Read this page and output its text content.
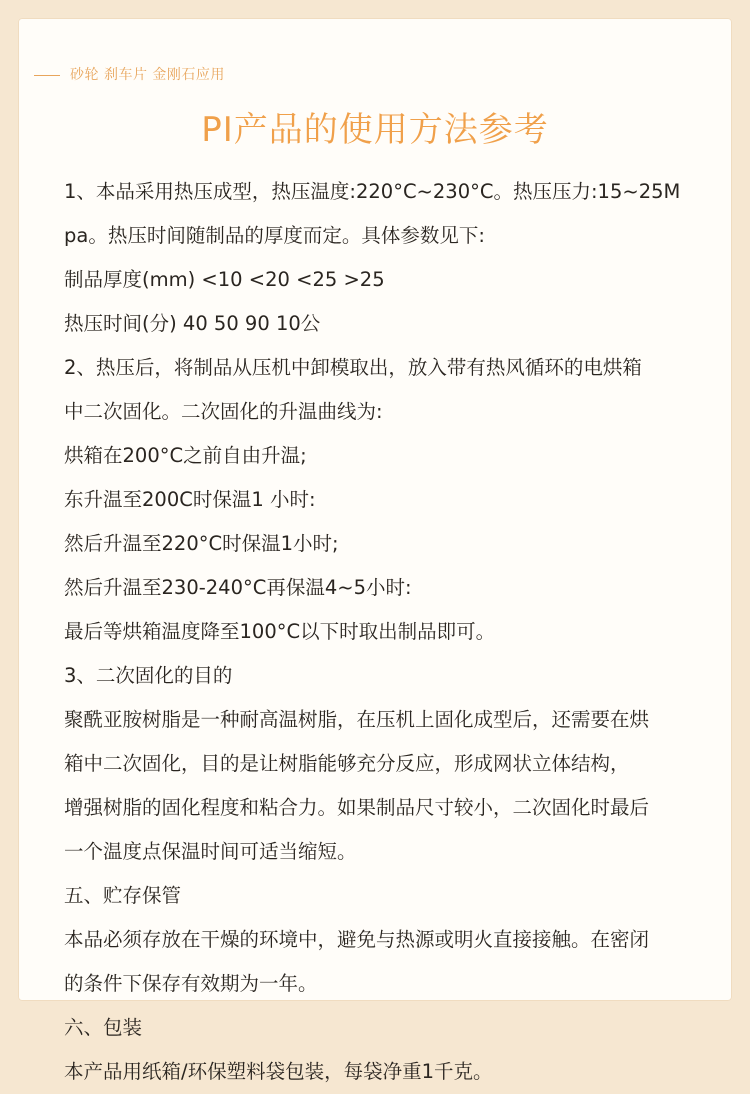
砂轮 刹车片 金刚石应用
PI产品的使用方法参考
1、本品采用热压成型，热压温度:220°C~230°C。热压压力:15~25M
pa。热压时间随制品的厚度而定。具体参数见下:
制品厚度(mm) <10 <20 <25 >25
热压时间(分) 40 50 90 10公
2、热压后，将制品从压机中卸模取出，放入带有热风循环的电烘箱
中二次固化。二次固化的升温曲线为:
烘箱在200°C之前自由升温;
东升温至200C时保温1 小时:
然后升温至220°C时保温1小时;
然后升温至230-240°C再保温4~5小时:
最后等烘箱温度降至100°C以下时取出制品即可。
3、二次固化的目的
聚酰亚胺树脂是一种耐高温树脂，在压机上固化成型后，还需要在烘
箱中二次固化，目的是让树脂能够充分反应，形成网状立体结构，
增强树脂的固化程度和粘合力。如果制品尺寸较小，二次固化时最后
一个温度点保温时间可适当缩短。
五、贮存保管
本品必须存放在干燥的环境中，避免与热源或明火直接接触。在密闭
的条件下保存有效期为一年。
六、包装
本产品用纸箱/环保塑料袋包装，每袋净重1千克。
